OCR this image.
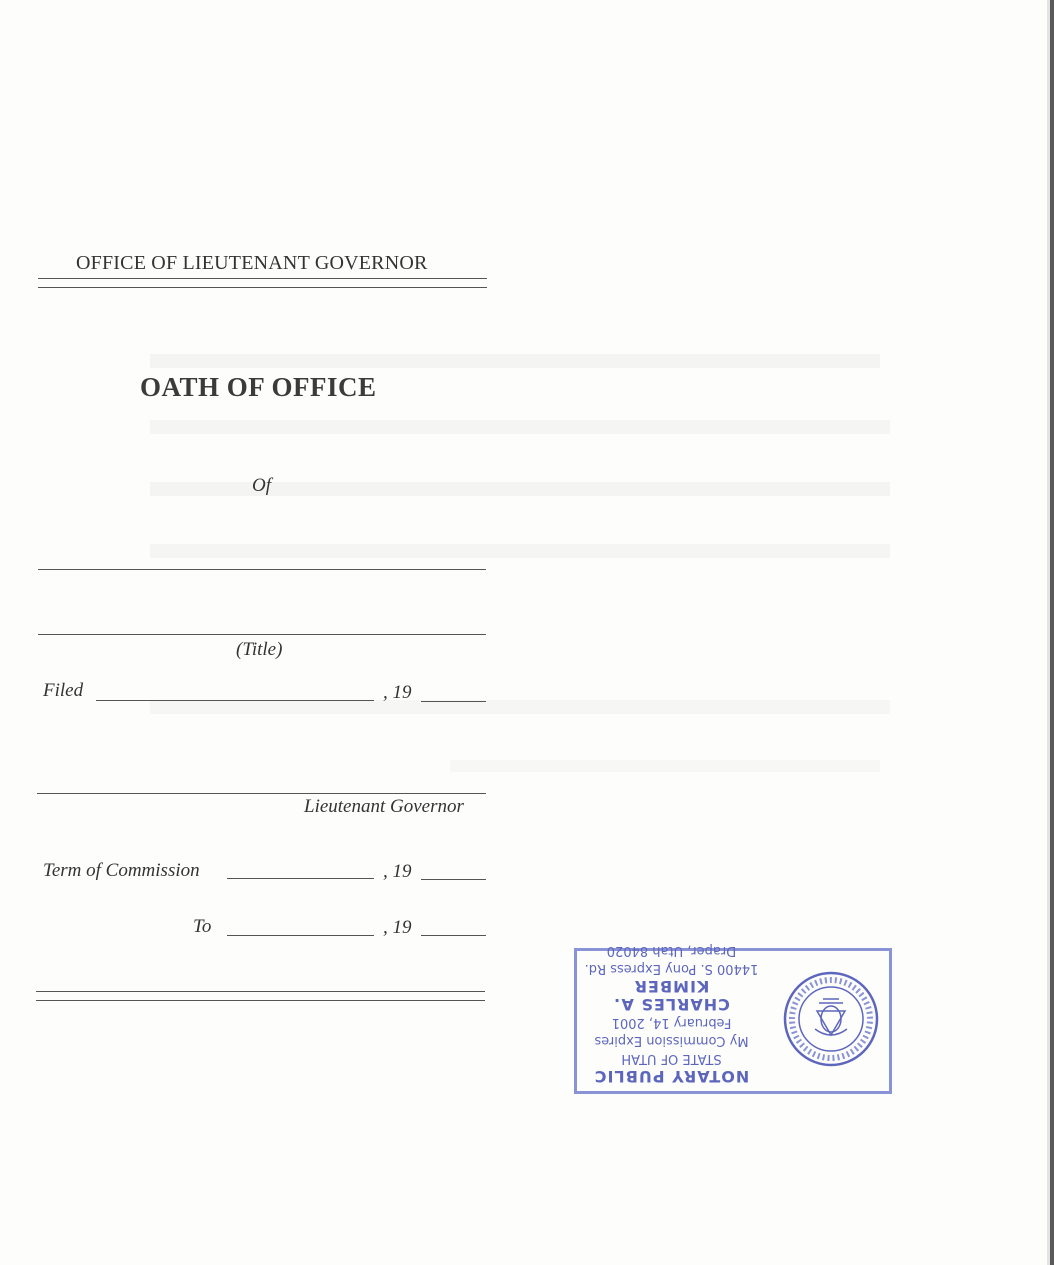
OFFICE OF LIEUTENANT GOVERNOR
OATH OF OFFICE
Of
(Title)
Filed	, 19
Lieutenant Governor
Term of Commission	, 19
To	, 19
NOTARY PUBLIC
STATE OF UTAH
My Commission Expires
February 14, 2001
CHARLES A. KIMBER
14400 S. Pony Express Rd.
Draper, Utah 84020
